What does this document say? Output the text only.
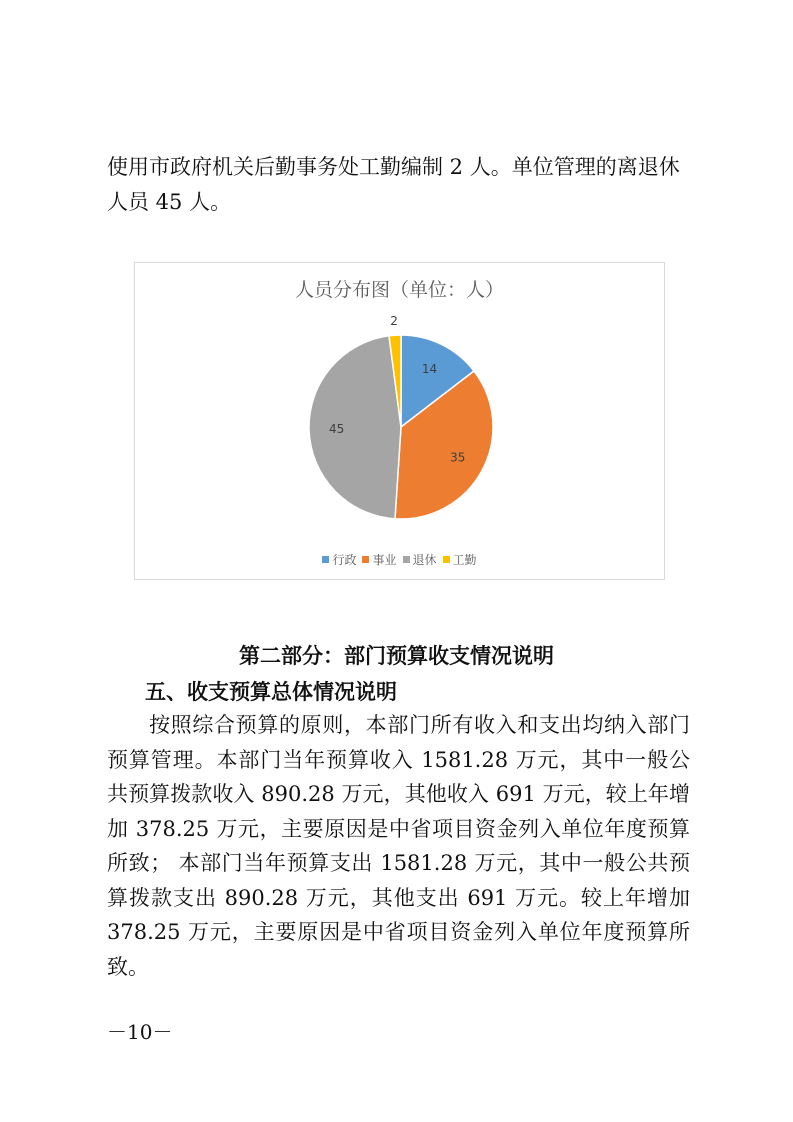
使用市政府机关后勤事务处工勤编制 2 人。单位管理的离退休人员 45 人。

人员分布图（单位：人）
14
35
45
2
行政 事业 退休 工勤
第二部分：部门预算收支情况说明
五、收支预算总体情况说明

按照综合预算的原则，本部门所有收入和支出均纳入部门预算管理。本部门当年预算收入 1581.28 万元，其中一般公共预算拨款收入 890.28 万元，其他收入 691 万元，较上年增加 378.25 万元，主要原因是中省项目资金列入单位年度预算所致； 本部门当年预算支出 1581.28 万元，其中一般公共预算拨款支出 890.28 万元，其他支出 691 万元。较上年增加 378.25 万元，主要原因是中省项目资金列入单位年度预算所致。

－10－
